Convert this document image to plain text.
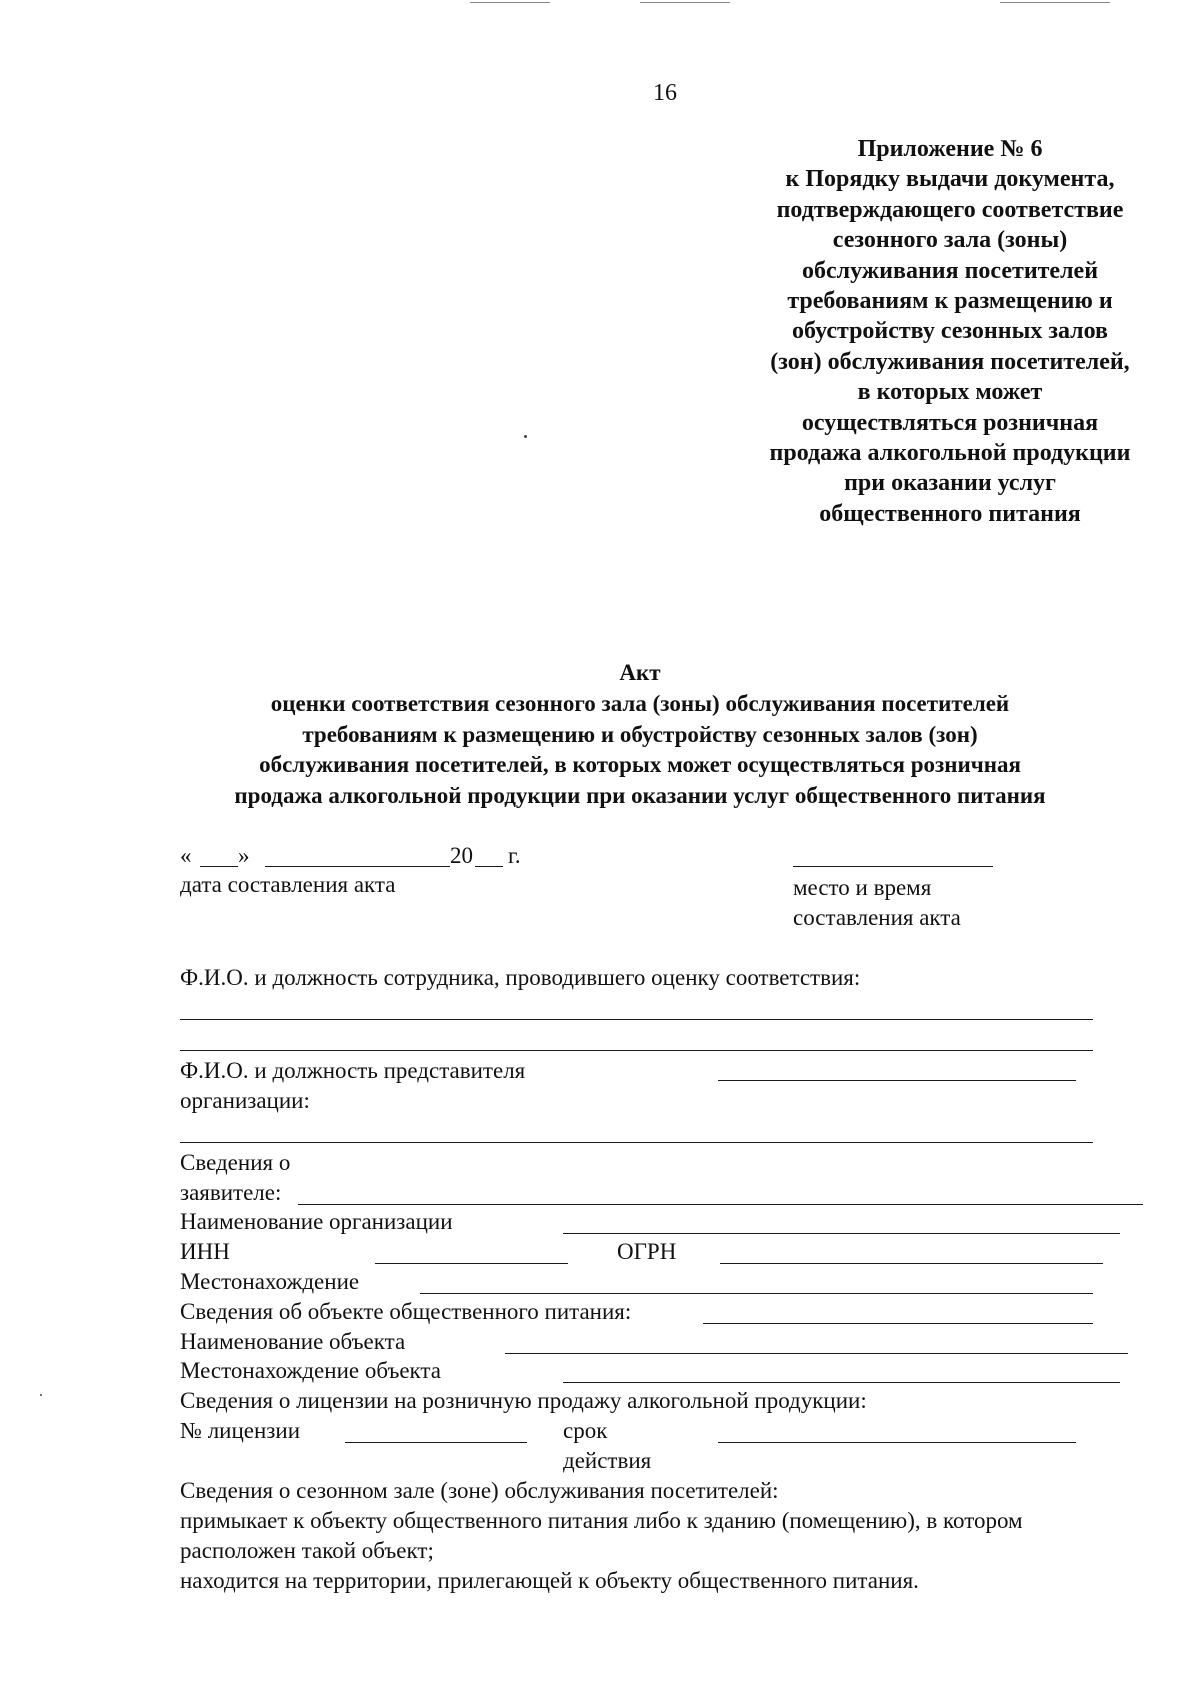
16
Приложение № 6
к Порядку выдачи документа,
подтверждающего соответствие
сезонного зала (зоны)
обслуживания посетителей
требованиям к размещению и
обустройству сезонных залов
(зон) обслуживания посетителей,
в которых может
осуществляться розничная
продажа алкогольной продукции
при оказании услуг
общественного питания
Акт
оценки соответствия сезонного зала (зоны) обслуживания посетителей
требованиям к размещению и обустройству сезонных залов (зон)
обслуживания посетителей, в которых может осуществляться розничная
продажа алкогольной продукции при оказании услуг общественного питания
« »	20 г.
дата составления акта	место и время
составления акта
Ф.И.О. и должность сотрудника, проводившего оценку соответствия:
Ф.И.О. и должность представителя
организации:
Сведения о
заявителе:
Наименование организации
ИНН	ОГРН
Местонахождение
Сведения об объекте общественного питания:
Наименование объекта
Местонахождение объекта
Сведения о лицензии на розничную продажу алкогольной продукции:
№ лицензии	срок
действия
Сведения о сезонном зале (зоне) обслуживания посетителей:
примыкает к объекту общественного питания либо к зданию (помещению), в котором
расположен такой объект;
находится на территории, прилегающей к объекту общественного питания.
